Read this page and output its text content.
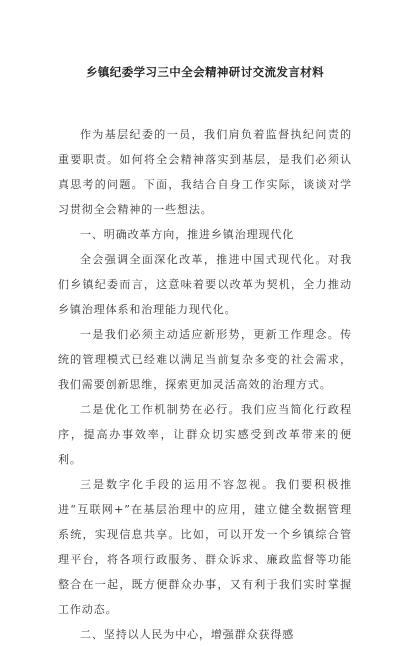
乡镇纪委学习三中全会精神研讨交流发言材料

作为基层纪委的一员，我们肩负着监督执纪问责的重要职责。如何将全会精神落实到基层，是我们必须认真思考的问题。下面，我结合自身工作实际，谈谈对学习贯彻全会精神的一些想法。

一、明确改革方向，推进乡镇治理现代化

全会强调全面深化改革，推进中国式现代化。对我们乡镇纪委而言，这意味着要以改革为契机，全力推动乡镇治理体系和治理能力现代化。

一是我们必须主动适应新形势，更新工作理念。传统的管理模式已经难以满足当前复杂多变的社会需求，我们需要创新思维，探索更加灵活高效的治理方式。

二是优化工作机制势在必行。我们应当简化行政程序，提高办事效率，让群众切实感受到改革带来的便利。

三是数字化手段的运用不容忽视。我们要积极推进“互联网+”在基层治理中的应用，建立健全数据管理系统，实现信息共享。比如，可以开发一个乡镇综合管理平台，将各项行政服务、群众诉求、廉政监督等功能整合在一起，既方便群众办事，又有利于我们实时掌握工作动态。

二、坚持以人民为中心，增强群众获得感
